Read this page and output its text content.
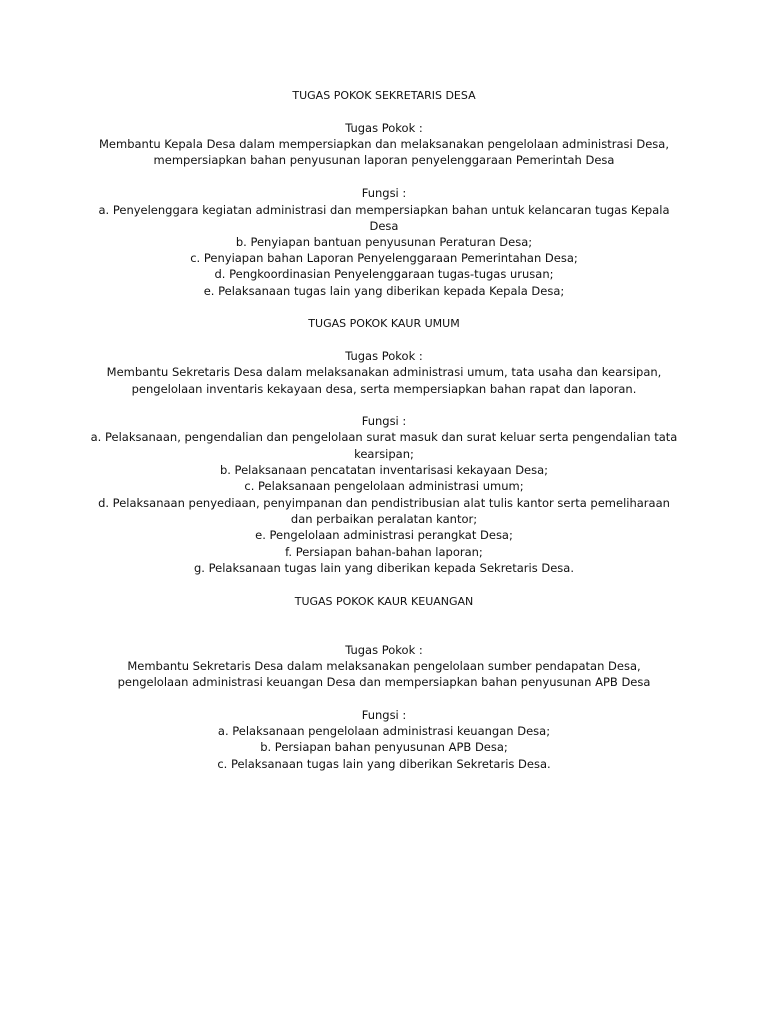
TUGAS POKOK SEKRETARIS DESA
Tugas Pokok :
Membantu Kepala Desa dalam mempersiapkan dan melaksanakan pengelolaan administrasi Desa,
mempersiapkan bahan penyusunan laporan penyelenggaraan Pemerintah Desa
Fungsi :
a. Penyelenggara kegiatan administrasi dan mempersiapkan bahan untuk kelancaran tugas Kepala
Desa
b. Penyiapan bantuan penyusunan Peraturan Desa;
c. Penyiapan bahan Laporan Penyelenggaraan Pemerintahan Desa;
d. Pengkoordinasian Penyelenggaraan tugas-tugas urusan;
e. Pelaksanaan tugas lain yang diberikan kepada Kepala Desa;
TUGAS POKOK KAUR UMUM
Tugas Pokok :
Membantu Sekretaris Desa dalam melaksanakan administrasi umum, tata usaha dan kearsipan,
pengelolaan inventaris kekayaan desa, serta mempersiapkan bahan rapat dan laporan.
Fungsi :
a. Pelaksanaan, pengendalian dan pengelolaan surat masuk dan surat keluar serta pengendalian tata
kearsipan;
b. Pelaksanaan pencatatan inventarisasi kekayaan Desa;
c. Pelaksanaan pengelolaan administrasi umum;
d. Pelaksanaan penyediaan, penyimpanan dan pendistribusian alat tulis kantor serta pemeliharaan
dan perbaikan peralatan kantor;
e. Pengelolaan administrasi perangkat Desa;
f. Persiapan bahan-bahan laporan;
g. Pelaksanaan tugas lain yang diberikan kepada Sekretaris Desa.
TUGAS POKOK KAUR KEUANGAN
Tugas Pokok :
Membantu Sekretaris Desa dalam melaksanakan pengelolaan sumber pendapatan Desa,
pengelolaan administrasi keuangan Desa dan mempersiapkan bahan penyusunan APB Desa
Fungsi :
a. Pelaksanaan pengelolaan administrasi keuangan Desa;
b. Persiapan bahan penyusunan APB Desa;
c. Pelaksanaan tugas lain yang diberikan Sekretaris Desa.
